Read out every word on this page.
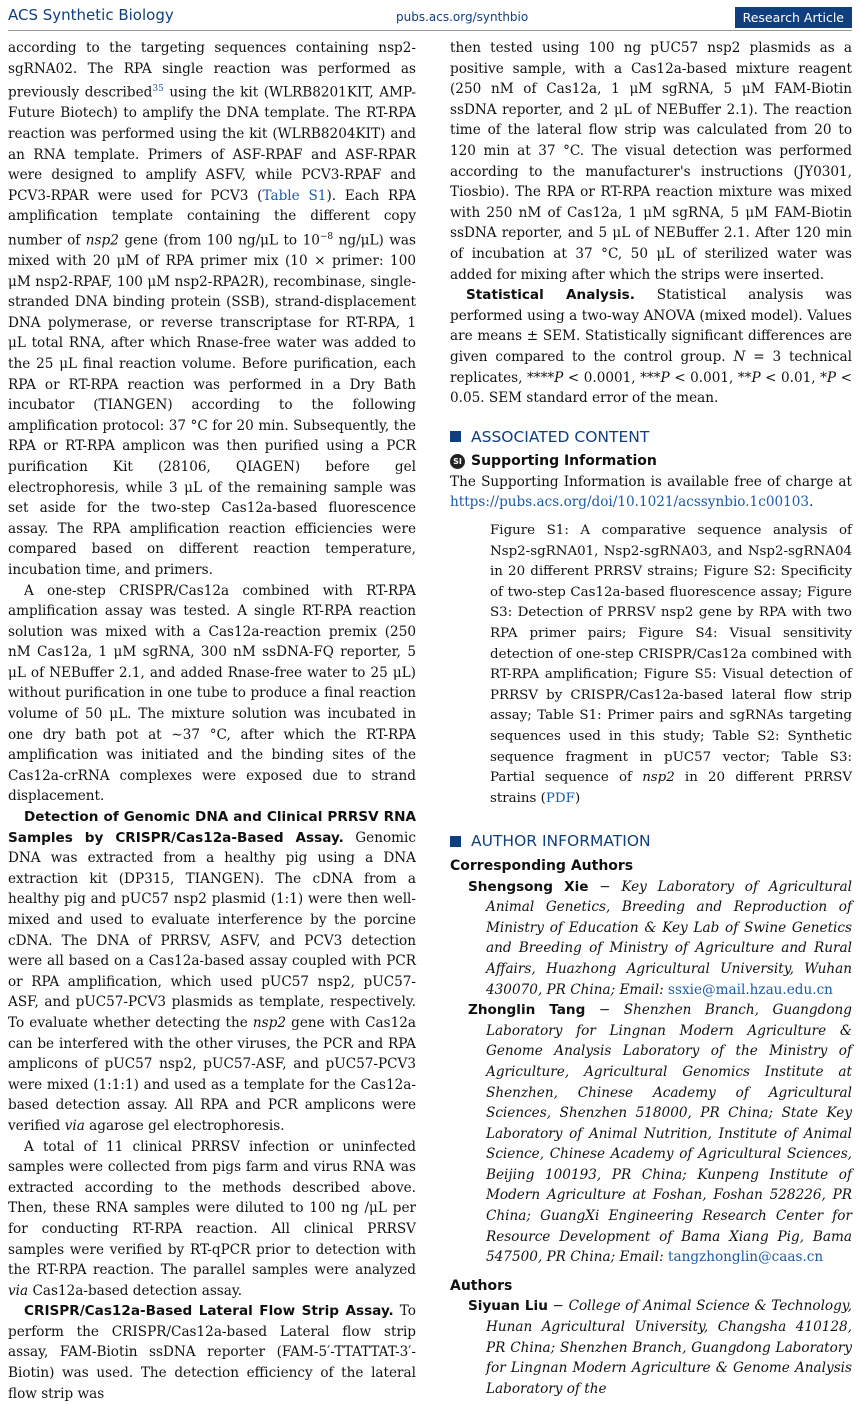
ACS Synthetic Biology	pubs.acs.org/synthbio	Research Article

according to the targeting sequences containing nsp2-sgRNA02. The RPA single reaction was performed as previously described$^{35}$ using the kit (WLRB8201KIT, AMP-Future Biotech) to amplify the DNA template. The RT-RPA reaction was performed using the kit (WLRB8204KIT) and an RNA template. Primers of ASF-RPAF and ASF-RPAR were designed to amplify ASFV, while PCV3-RPAF and PCV3-RPAR were used for PCV3 (Table S1). Each RPA amplification template containing the different copy number of nsp2 gene (from 100 ng/μL to $10^{-8}$ ng/μL) was mixed with 20 μM of RPA primer mix (10 × primer: 100 μM nsp2-RPAF, 100 μM nsp2-RPA2R), recombinase, single-stranded DNA binding protein (SSB), strand-displacement DNA polymerase, or reverse transcriptase for RT-RPA, 1 μL total RNA, after which Rnase-free water was added to the 25 μL final reaction volume. Before purification, each RPA or RT-RPA reaction was performed in a Dry Bath incubator (TIANGEN) according to the following amplification protocol: 37 °C for 20 min. Subsequently, the RPA or RT-RPA amplicon was then purified using a PCR purification Kit (28106, QIAGEN) before gel electrophoresis, while 3 μL of the remaining sample was set aside for the two-step Cas12a-based fluorescence assay. The RPA amplification reaction efficiencies were compared based on different reaction temperature, incubation time, and primers.

A one-step CRISPR/Cas12a combined with RT-RPA amplification assay was tested. A single RT-RPA reaction solution was mixed with a Cas12a-reaction premix (250 nM Cas12a, 1 μM sgRNA, 300 nM ssDNA-FQ reporter, 5 μL of NEBuffer 2.1, and added Rnase-free water to 25 μL) without purification in one tube to produce a final reaction volume of 50 μL. The mixture solution was incubated in one dry bath pot at ∼37 °C, after which the RT-RPA amplification was initiated and the binding sites of the Cas12a-crRNA complexes were exposed due to strand displacement.

Detection of Genomic DNA and Clinical PRRSV RNA Samples by CRISPR/Cas12a-Based Assay. Genomic DNA was extracted from a healthy pig using a DNA extraction kit (DP315, TIANGEN). The cDNA from a healthy pig and pUC57 nsp2 plasmid (1:1) were then well-mixed and used to evaluate interference by the porcine cDNA. The DNA of PRRSV, ASFV, and PCV3 detection were all based on a Cas12a-based assay coupled with PCR or RPA amplification, which used pUC57 nsp2, pUC57-ASF, and pUC57-PCV3 plasmids as template, respectively. To evaluate whether detecting the nsp2 gene with Cas12a can be interfered with the other viruses, the PCR and RPA amplicons of pUC57 nsp2, pUC57-ASF, and pUC57-PCV3 were mixed (1:1:1) and used as a template for the Cas12a-based detection assay. All RPA and PCR amplicons were verified via agarose gel electrophoresis.

A total of 11 clinical PRRSV infection or uninfected samples were collected from pigs farm and virus RNA was extracted according to the methods described above. Then, these RNA samples were diluted to 100 ng /μL per for conducting RT-RPA reaction. All clinical PRRSV samples were verified by RT-qPCR prior to detection with the RT-RPA reaction. The parallel samples were analyzed via Cas12a-based detection assay.

CRISPR/Cas12a-Based Lateral Flow Strip Assay. To perform the CRISPR/Cas12a-based Lateral flow strip assay, FAM-Biotin ssDNA reporter (FAM-5′-TTATTAT-3′-Biotin) was used. The detection efficiency of the lateral flow strip was

then tested using 100 ng pUC57 nsp2 plasmids as a positive sample, with a Cas12a-based mixture reagent (250 nM of Cas12a, 1 μM sgRNA, 5 μM FAM-Biotin ssDNA reporter, and 2 μL of NEBuffer 2.1). The reaction time of the lateral flow strip was calculated from 20 to 120 min at 37 °C. The visual detection was performed according to the manufacturer's instructions (JY0301, Tiosbio). The RPA or RT-RPA reaction mixture was mixed with 250 nM of Cas12a, 1 μM sgRNA, 5 μM FAM-Biotin ssDNA reporter, and 5 μL of NEBuffer 2.1. After 120 min of incubation at 37 °C, 50 μL of sterilized water was added for mixing after which the strips were inserted.

Statistical Analysis. Statistical analysis was performed using a two-way ANOVA (mixed model). Values are means ± SEM. Statistically significant differences are given compared to the control group. N = 3 technical replicates, ****P < 0.0001, ***P < 0.001, **P < 0.01, *P < 0.05. SEM standard error of the mean.

ASSOCIATED CONTENT
SI Supporting Information

The Supporting Information is available free of charge at https://pubs.acs.org/doi/10.1021/acssynbio.1c00103.

Figure S1: A comparative sequence analysis of Nsp2-sgRNA01, Nsp2-sgRNA03, and Nsp2-sgRNA04 in 20 different PRRSV strains; Figure S2: Specificity of two-step Cas12a-based fluorescence assay; Figure S3: Detection of PRRSV nsp2 gene by RPA with two RPA primer pairs; Figure S4: Visual sensitivity detection of one-step CRISPR/Cas12a combined with RT-RPA amplification; Figure S5: Visual detection of PRRSV by CRISPR/Cas12a-based lateral flow strip assay; Table S1: Primer pairs and sgRNAs targeting sequences used in this study; Table S2: Synthetic sequence fragment in pUC57 vector; Table S3: Partial sequence of nsp2 in 20 different PRRSV strains (PDF)

AUTHOR INFORMATION
Corresponding Authors

Shengsong Xie − Key Laboratory of Agricultural Animal Genetics, Breeding and Reproduction of Ministry of Education & Key Lab of Swine Genetics and Breeding of Ministry of Agriculture and Rural Affairs, Huazhong Agricultural University, Wuhan 430070, PR China; Email: ssxie@mail.hzau.edu.cn

Zhonglin Tang − Shenzhen Branch, Guangdong Laboratory for Lingnan Modern Agriculture & Genome Analysis Laboratory of the Ministry of Agriculture, Agricultural Genomics Institute at Shenzhen, Chinese Academy of Agricultural Sciences, Shenzhen 518000, PR China; State Key Laboratory of Animal Nutrition, Institute of Animal Science, Chinese Academy of Agricultural Sciences, Beijing 100193, PR China; Kunpeng Institute of Modern Agriculture at Foshan, Foshan 528226, PR China; GuangXi Engineering Research Center for Resource Development of Bama Xiang Pig, Bama 547500, PR China; Email: tangzhonglin@caas.cn

Authors

Siyuan Liu − College of Animal Science & Technology, Hunan Agricultural University, Changsha 410128, PR China; Shenzhen Branch, Guangdong Laboratory for Lingnan Modern Agriculture & Genome Analysis Laboratory of the
